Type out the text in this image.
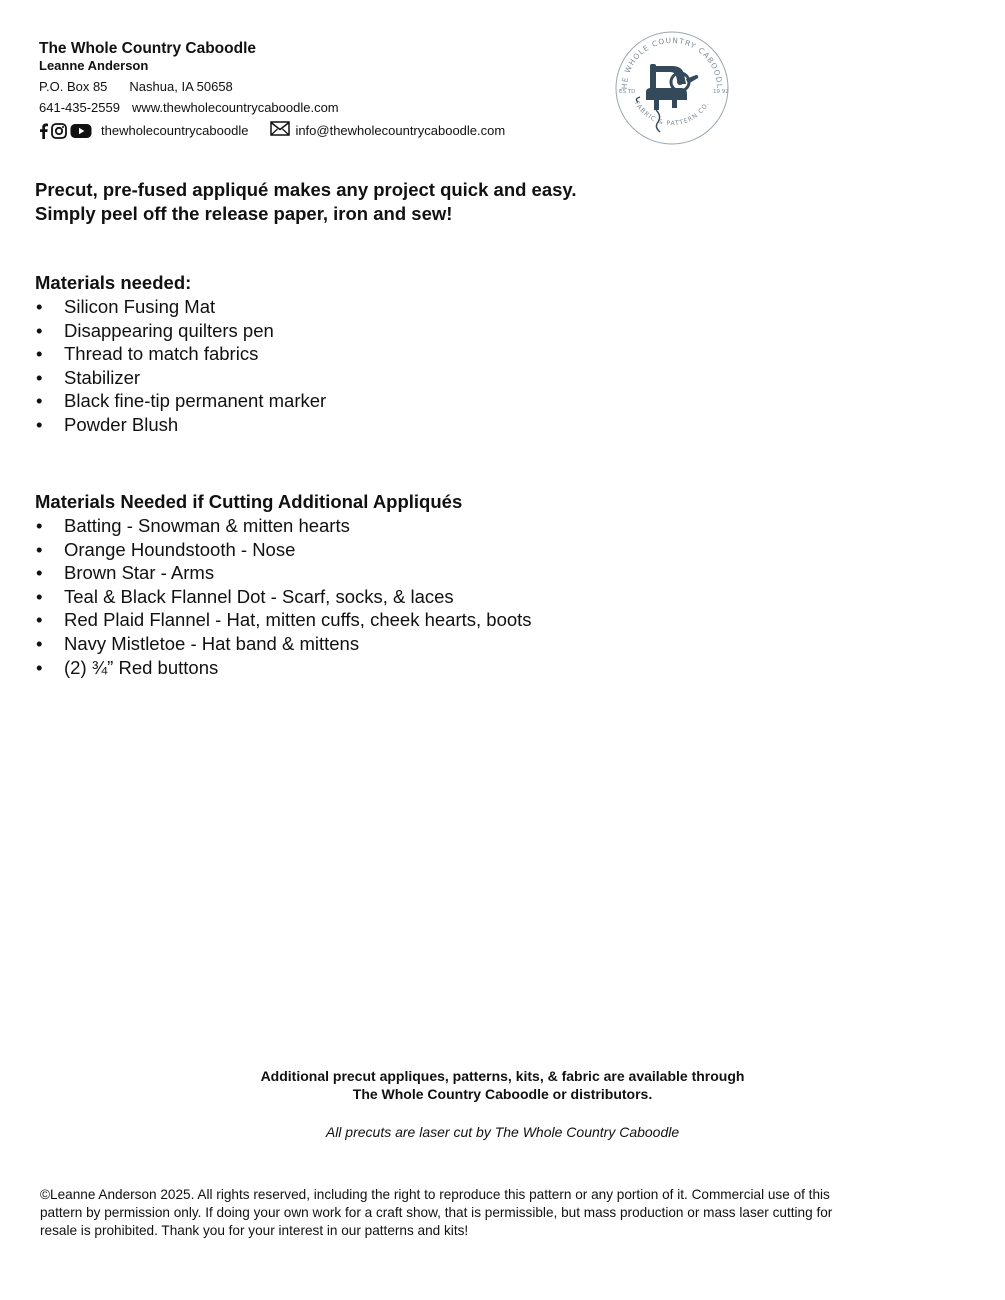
The Whole Country Caboodle
Leanne Anderson
P.O. Box 85 Nashua, IA 50658
641-435-2559 www.thewholecountrycaboodle.com
thewholecountrycaboodle	info@thewholecountrycaboodle.com
HE WHOLE COUNTRY CABOODL
FABRIC & PATTERN CO.
ES TD	19 92
Precut, pre-fused appliqué makes any project quick and easy.
Simply peel off the release paper, iron and sew!
Materials needed:
• Silicon Fusing Mat
• Disappearing quilters pen
• Thread to match fabrics
• Stabilizer
• Black fine-tip permanent marker
• Powder Blush
Materials Needed if Cutting Additional Appliqués
• Batting - Snowman & mitten hearts
• Orange Houndstooth - Nose
• Brown Star - Arms
• Teal & Black Flannel Dot - Scarf, socks, & laces
• Red Plaid Flannel - Hat, mitten cuffs, cheek hearts, boots
• Navy Mistletoe - Hat band & mittens
• (2) ¾” Red buttons
Additional precut appliques, patterns, kits, & fabric are available through
The Whole Country Caboodle or distributors.
All precuts are laser cut by The Whole Country Caboodle
©Leanne Anderson 2025. All rights reserved, including the right to reproduce this pattern or any portion of it. Commercial use of this
pattern by permission only. If doing your own work for a craft show, that is permissible, but mass production or mass laser cutting for
resale is prohibited. Thank you for your interest in our patterns and kits!
